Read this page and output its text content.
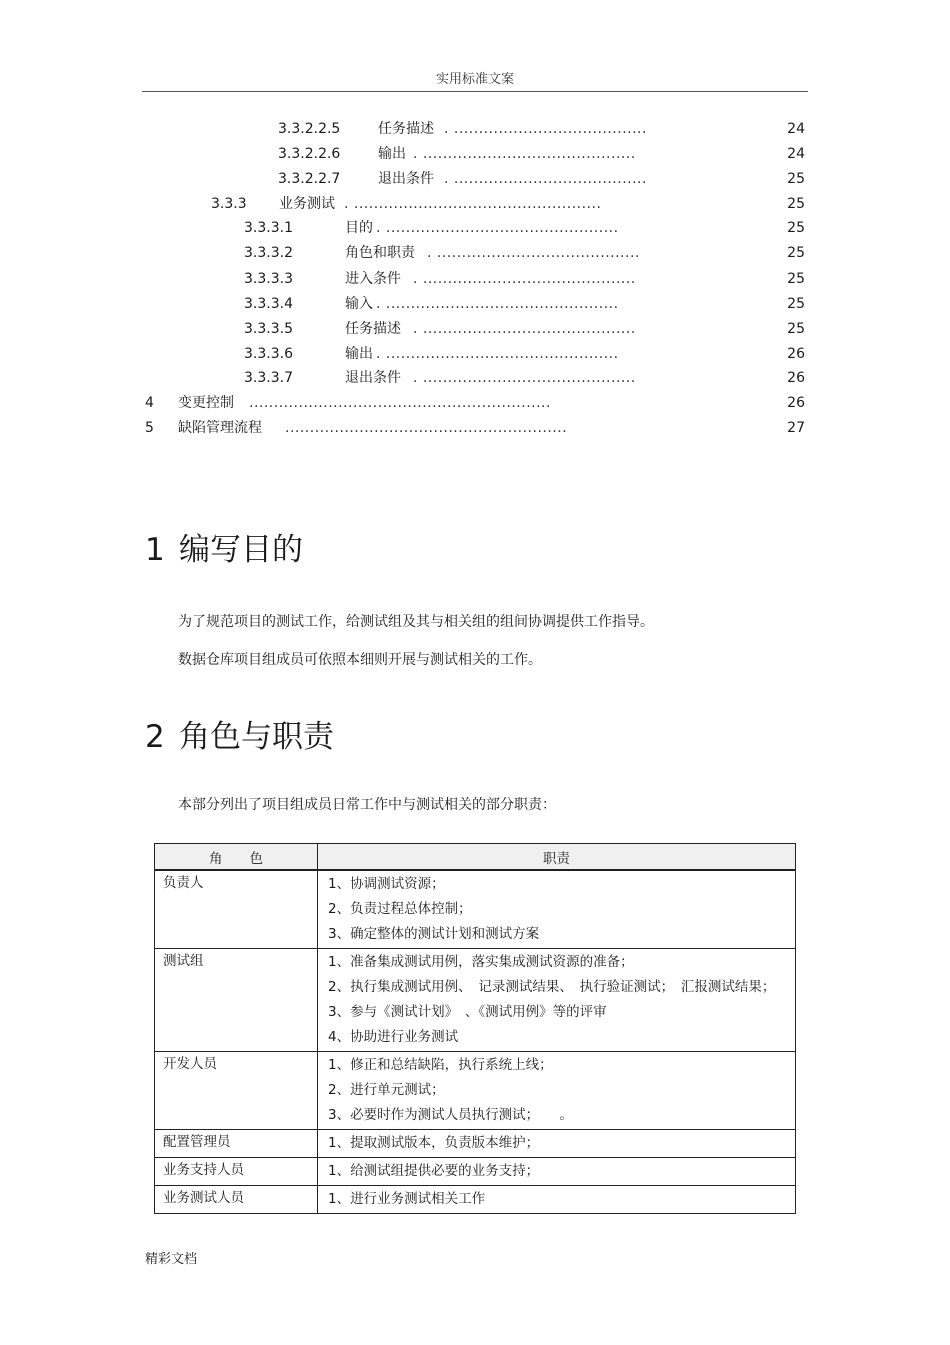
实用标准文案
3.3.2.2.5	任务描述 . .......................................	24
3.3.2.2.6	输出 . ...........................................	24
3.3.2.2.7	退出条件 . .......................................	25
3.3.3 业务测试 . ..................................................	25
3.3.3.1	目的 . ...............................................	25
3.3.3.2	角色和职责 . .........................................	25
3.3.3.3	进入条件 . ...........................................	25
3.3.3.4	输入 . ...............................................	25
3.3.3.5	任务描述 . ...........................................	25
3.3.3.6	输出 . ...............................................	26
3.3.3.7	退出条件 . ...........................................	26
4 变更控制 .............................................................	26
5 缺陷管理流程 .........................................................	27
1 编写目的
为了规范项目的测试工作，给测试组及其与相关组的组间协调提供工作指导。
数据仓库项目组成员可依照本细则开展与测试相关的工作。
2 角色与职责
本部分列出了项目组成员日常工作中与测试相关的部分职责：
角　　色	职责
负责人	1、协调测试资源；
2、负责过程总体控制；
3、确定整体的测试计划和测试方案

测试组	1、准备集成测试用例，落实集成测试资源的准备；
2、执行集成测试用例、　记录测试结果、　执行验证测试；　汇报测试结果；
3、参与《测试计划》　、《测试用例》等的评审
4、协助进行业务测试

开发人员	1、修正和总结缺陷，执行系统上线；
2、进行单元测试；
3、必要时作为测试人员执行测试；　　。

配置管理员	1、提取测试版本，负责版本维护；

业务支持人员	1、给测试组提供必要的业务支持；

业务测试人员	1、进行业务测试相关工作
精彩文档
